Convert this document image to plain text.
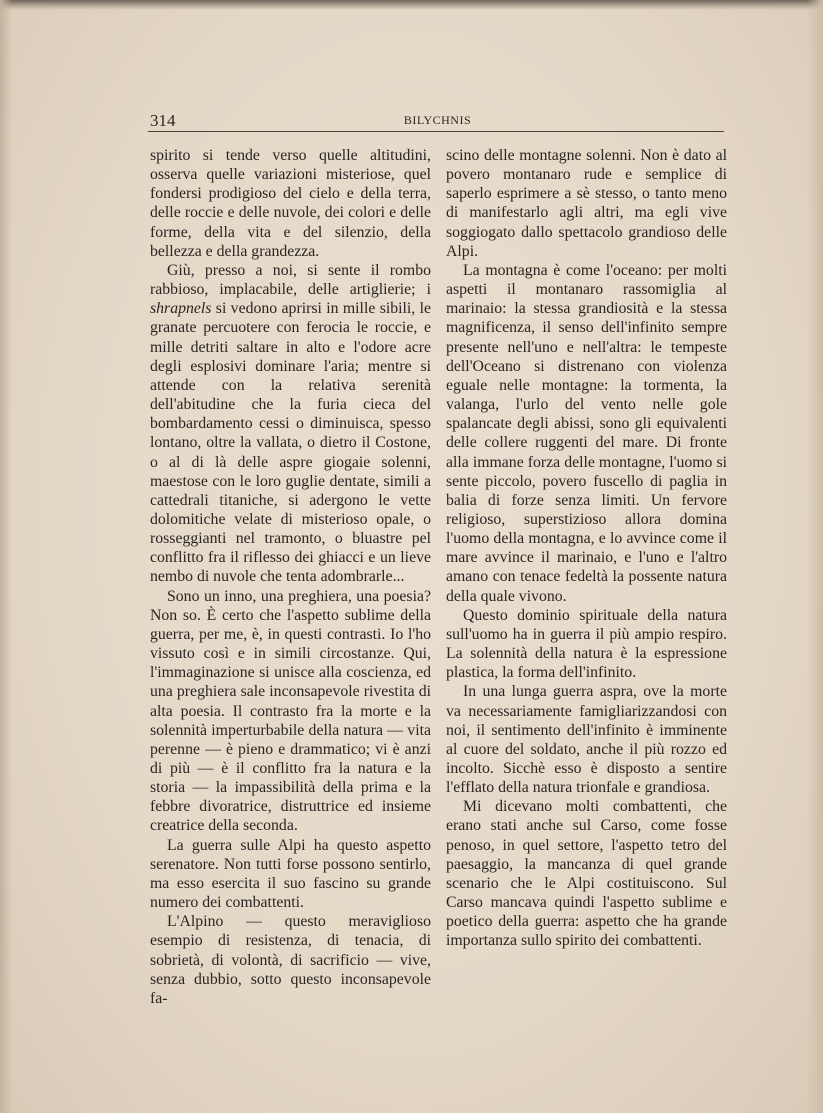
314	BILYCHNIS

spirito si tende verso quelle altitudini, osserva quelle variazioni misteriose, quel fondersi prodigioso del cielo e della terra, delle roccie e delle nuvole, dei colori e delle forme, della vita e del silenzio, della bellezza e della grandezza.

Giù, presso a noi, si sente il rombo rabbioso, implacabile, delle artiglierie; i shrapnels si vedono aprirsi in mille sibili, le granate percuotere con ferocia le roccie, e mille detriti saltare in alto e l'odore acre degli esplosivi dominare l'aria; mentre si attende con la relativa serenità dell'abitudine che la furia cieca del bombardamento cessi o diminuisca, spesso lontano, oltre la vallata, o dietro il Costone, o al di là delle aspre giogaie solenni, maestose con le loro guglie dentate, simili a cattedrali titaniche, si adergono le vette dolomitiche velate di misterioso opale, o rosseggianti nel tramonto, o bluastre pel conflitto fra il riflesso dei ghiacci e un lieve nembo di nuvole che tenta adombrarle...

Sono un inno, una preghiera, una poesia? Non so. È certo che l'aspetto sublime della guerra, per me, è, in questi contrasti. Io l'ho vissuto così e in simili circostanze. Qui, l'immaginazione si unisce alla coscienza, ed una preghiera sale inconsapevole rivestita di alta poesia. Il contrasto fra la morte e la solennità imperturbabile della natura — vita perenne — è pieno e drammatico; vi è anzi di più — è il conflitto fra la natura e la storia — la impassibilità della prima e la febbre divoratrice, distruttrice ed insieme creatrice della seconda.

La guerra sulle Alpi ha questo aspetto serenatore. Non tutti forse possono sentirlo, ma esso esercita il suo fascino su grande numero dei combattenti.

L'Alpino — questo meraviglioso esempio di resistenza, di tenacia, di sobrietà, di volontà, di sacrificio — vive, senza dubbio, sotto questo inconsapevole fa-

scino delle montagne solenni. Non è dato al povero montanaro rude e semplice di saperlo esprimere a sè stesso, o tanto meno di manifestarlo agli altri, ma egli vive soggiogato dallo spettacolo grandioso delle Alpi.

La montagna è come l'oceano: per molti aspetti il montanaro rassomiglia al marinaio: la stessa grandiosità e la stessa magnificenza, il senso dell'infinito sempre presente nell'uno e nell'altra: le tempeste dell'Oceano si distrenano con violenza eguale nelle montagne: la tormenta, la valanga, l'urlo del vento nelle gole spalancate degli abissi, sono gli equivalenti delle collere ruggenti del mare. Di fronte alla immane forza delle montagne, l'uomo si sente piccolo, povero fuscello di paglia in balia di forze senza limiti. Un fervore religioso, superstizioso allora domina l'uomo della montagna, e lo avvince come il mare avvince il marinaio, e l'uno e l'altro amano con tenace fedeltà la possente natura della quale vivono.

Questo dominio spirituale della natura sull'uomo ha in guerra il più ampio respiro. La solennità della natura è la espressione plastica, la forma dell'infinito.

In una lunga guerra aspra, ove la morte va necessariamente famigliarizzandosi con noi, il sentimento dell'infinito è imminente al cuore del soldato, anche il più rozzo ed incolto. Sicchè esso è disposto a sentire l'efflato della natura trionfale e grandiosa.

Mi dicevano molti combattenti, che erano stati anche sul Carso, come fosse penoso, in quel settore, l'aspetto tetro del paesaggio, la mancanza di quel grande scenario che le Alpi costituiscono. Sul Carso mancava quindi l'aspetto sublime e poetico della guerra: aspetto che ha grande importanza sullo spirito dei combattenti.
